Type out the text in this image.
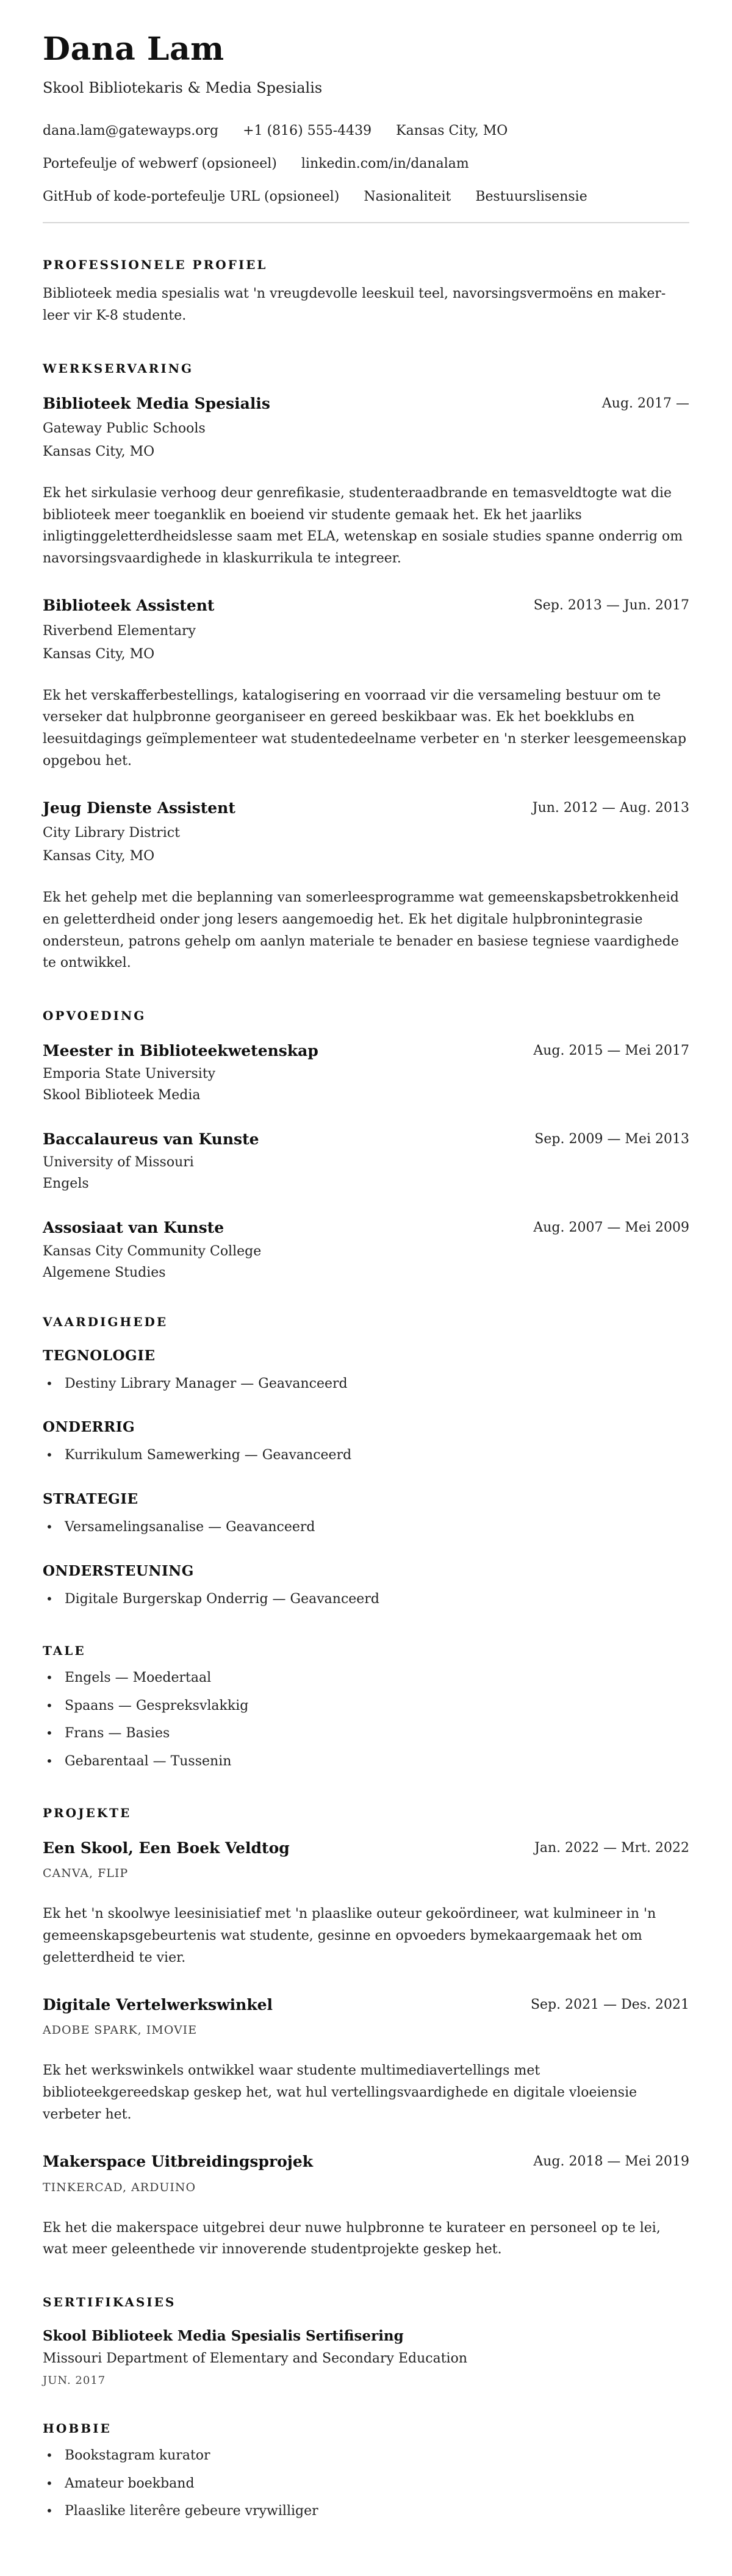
Dana Lam
Skool Bibliotekaris & Media Spesialis
dana.lam@gatewayps.org +1 (816) 555-4439 Kansas City, MO
Portefeulje of webwerf (opsioneel) linkedin.com/in/danalam
GitHub of kode-portefeulje URL (opsioneel) Nasionaliteit Bestuurslisensie
PROFESSIONELE PROFIEL

Biblioteek media spesialis wat 'n vreugdevolle leeskuil teel, navorsingsvermoëns en maker-leer vir K-8 studente.

WERKSERVARING
Biblioteek Media Spesialis	Aug. 2017 —
Gateway Public Schools
Kansas City, MO

Ek het sirkulasie verhoog deur genrefikasie, studenteraadbrande en temasveldtogte wat die biblioteek meer toeganklik en boeiend vir studente gemaak het. Ek het jaarliks inligtinggeletterdheidslesse saam met ELA, wetenskap en sosiale studies spanne onderrig om navorsingsvaardighede in klaskurrikula te integreer.

Biblioteek Assistent	Sep. 2013 — Jun. 2017
Riverbend Elementary
Kansas City, MO

Ek het verskafferbestellings, katalogisering en voorraad vir die versameling bestuur om te verseker dat hulpbronne georganiseer en gereed beskikbaar was. Ek het boekklubs en leesuitdagings geïmplementeer wat studentedeelname verbeter en 'n sterker leesgemeenskap opgebou het.

Jeug Dienste Assistent	Jun. 2012 — Aug. 2013
City Library District
Kansas City, MO

Ek het gehelp met die beplanning van somerleesprogramme wat gemeenskapsbetrokkenheid en geletterdheid onder jong lesers aangemoedig het. Ek het digitale hulpbronintegrasie ondersteun, patrons gehelp om aanlyn materiale te benader en basiese tegniese vaardighede te ontwikkel.

OPVOEDING
Meester in Biblioteekwetenskap	Aug. 2015 — Mei 2017
Emporia State University
Skool Biblioteek Media
Baccalaureus van Kunste	Sep. 2009 — Mei 2013
University of Missouri
Engels
Assosiaat van Kunste	Aug. 2007 — Mei 2009
Kansas City Community College
Algemene Studies
VAARDIGHEDE
TEGNOLOGIE
• Destiny Library Manager — Geavanceerd
ONDERRIG
• Kurrikulum Samewerking — Geavanceerd
STRATEGIE
• Versamelingsanalise — Geavanceerd
ONDERSTEUNING
• Digitale Burgerskap Onderrig — Geavanceerd
TALE
• Engels — Moedertaal
• Spaans — Gespreksvlakkig
• Frans — Basies
• Gebarentaal — Tussenin
PROJEKTE
Een Skool, Een Boek Veldtog	Jan. 2022 — Mrt. 2022
CANVA, FLIP

Ek het 'n skoolwye leesinisiatief met 'n plaaslike outeur gekoördineer, wat kulmineer in 'n gemeenskapsgebeurtenis wat studente, gesinne en opvoeders bymekaargemaak het om geletterdheid te vier.

Digitale Vertelwerkswinkel	Sep. 2021 — Des. 2021
ADOBE SPARK, IMOVIE

Ek het werkswinkels ontwikkel waar studente multimediavertellings met biblioteekgereedskap geskep het, wat hul vertellingsvaardighede en digitale vloeiensie verbeter het.

Makerspace Uitbreidingsprojek	Aug. 2018 — Mei 2019
TINKERCAD, ARDUINO

Ek het die makerspace uitgebrei deur nuwe hulpbronne te kurateer en personeel op te lei, wat meer geleenthede vir innoverende studentprojekte geskep het.

SERTIFIKASIES
Skool Biblioteek Media Spesialis Sertifisering
Missouri Department of Elementary and Secondary Education
JUN. 2017
HOBBIE
• Bookstagram kurator
• Amateur boekband
• Plaaslike literêre gebeure vrywilliger
